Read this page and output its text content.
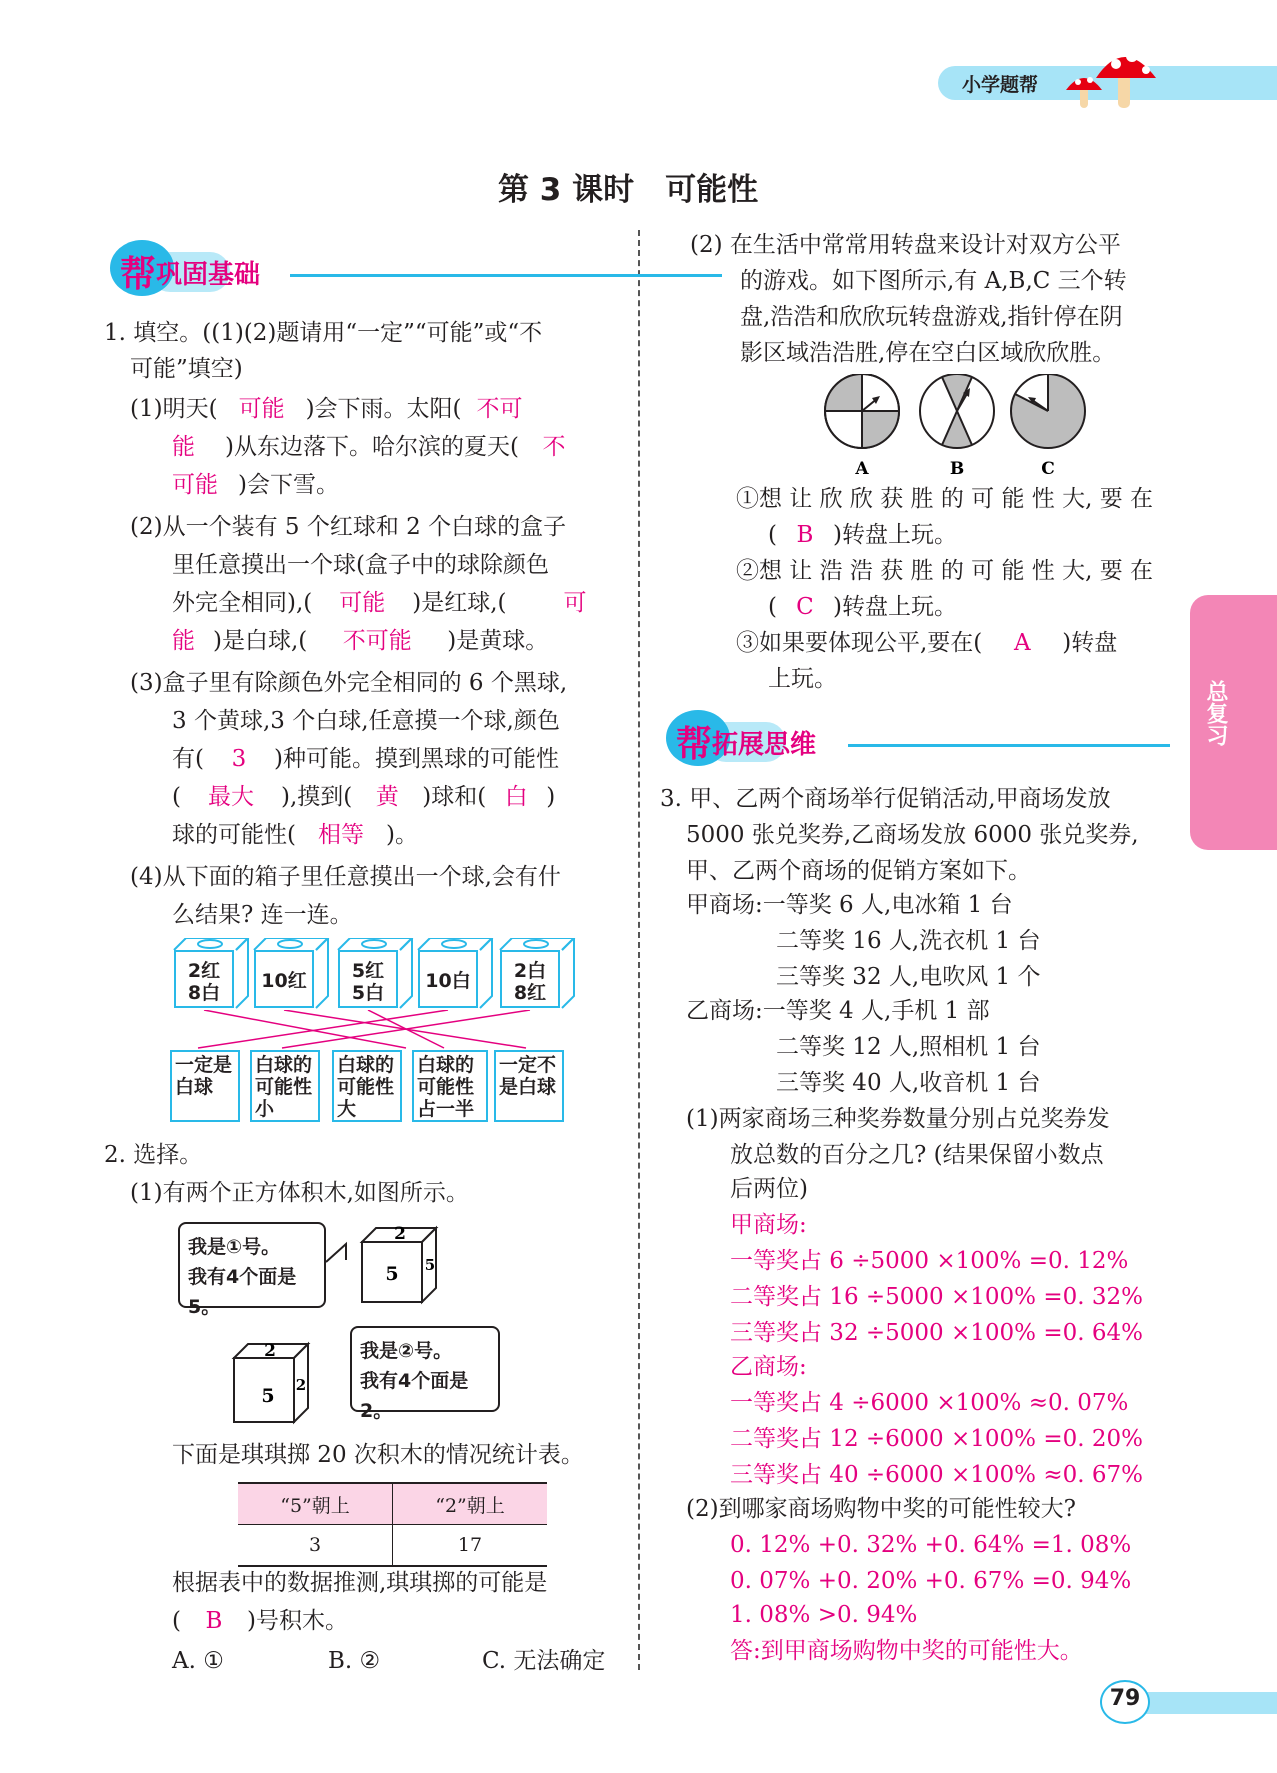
小学题帮
总复习
第 3 课时　可能性
帮 巩固基础
1. 填空。((1)(2)题请用“一定”“可能”或“不
可能”填空)
(1)明天( 可能 )会下雨。太阳( 不可
能 )从东边落下。哈尔滨的夏天( 不
可能 )会下雪。
(2)从一个装有 5 个红球和 2 个白球的盒子
里任意摸出一个球(盒子中的球除颜色
外完全相同),( 可能 )是红球,( 可
能 )是白球,( 不可能 )是黄球。
(3)盒子里有除颜色外完全相同的 6 个黑球,
3 个黄球,3 个白球,任意摸一个球,颜色
有( 3 )种可能。摸到黑球的可能性
( 最大 ),摸到( 黄 )球和( 白 )
球的可能性( 相等 )。
(4)从下面的箱子里任意摸出一个球,会有什
么结果? 连一连。
2红
8白
10红	5红
5白
10白	2白
8红
一定是
白球
白球的
可能性
小
白球的
可能性
大
白球的
可能性
占一半
一定不
是白球
2. 选择。
(1)有两个正方体积木,如图所示。
我是①号。
我有4个面是5。
2
5 5
2
5 2
我是②号。
我有4个面是2。
下面是琪琪掷 20 次积木的情况统计表。
“5”朝上	“2”朝上
3	17
根据表中的数据推测,琪琪掷的可能是
( B )号积木。
A. ①	B. ②	C. 无法确定
(2) 在生活中常常用转盘来设计对双方公平
的游戏。如下图所示,有 A,B,C 三个转
盘,浩浩和欣欣玩转盘游戏,指针停在阴
影区域浩浩胜,停在空白区域欣欣胜。
A	B	C
①想 让 欣 欣 获 胜 的 可 能 性 大, 要 在
( B )转盘上玩。
②想 让 浩 浩 获 胜 的 可 能 性 大, 要 在
( C )转盘上玩。
③如果要体现公平,要在( A )转盘
上玩。
帮 拓展思维
3. 甲、乙两个商场举行促销活动,甲商场发放
5000 张兑奖券,乙商场发放 6000 张兑奖券,
甲、乙两个商场的促销方案如下。
甲商场:一等奖 6 人,电冰箱 1 台
二等奖 16 人,洗衣机 1 台
三等奖 32 人,电吹风 1 个
乙商场:一等奖 4 人,手机 1 部
二等奖 12 人,照相机 1 台
三等奖 40 人,收音机 1 台
(1)两家商场三种奖券数量分别占兑奖券发
放总数的百分之几? (结果保留小数点
后两位)
甲商场:
一等奖占 6 ÷5000 ×100% =0. 12%
二等奖占 16 ÷5000 ×100% =0. 32%
三等奖占 32 ÷5000 ×100% =0. 64%
乙商场:
一等奖占 4 ÷6000 ×100% ≈0. 07%
二等奖占 12 ÷6000 ×100% =0. 20%
三等奖占 40 ÷6000 ×100% ≈0. 67%
(2)到哪家商场购物中奖的可能性较大?
0. 12% +0. 32% +0. 64% =1. 08%
0. 07% +0. 20% +0. 67% =0. 94%
1. 08% >0. 94%
答:到甲商场购物中奖的可能性大。
79
